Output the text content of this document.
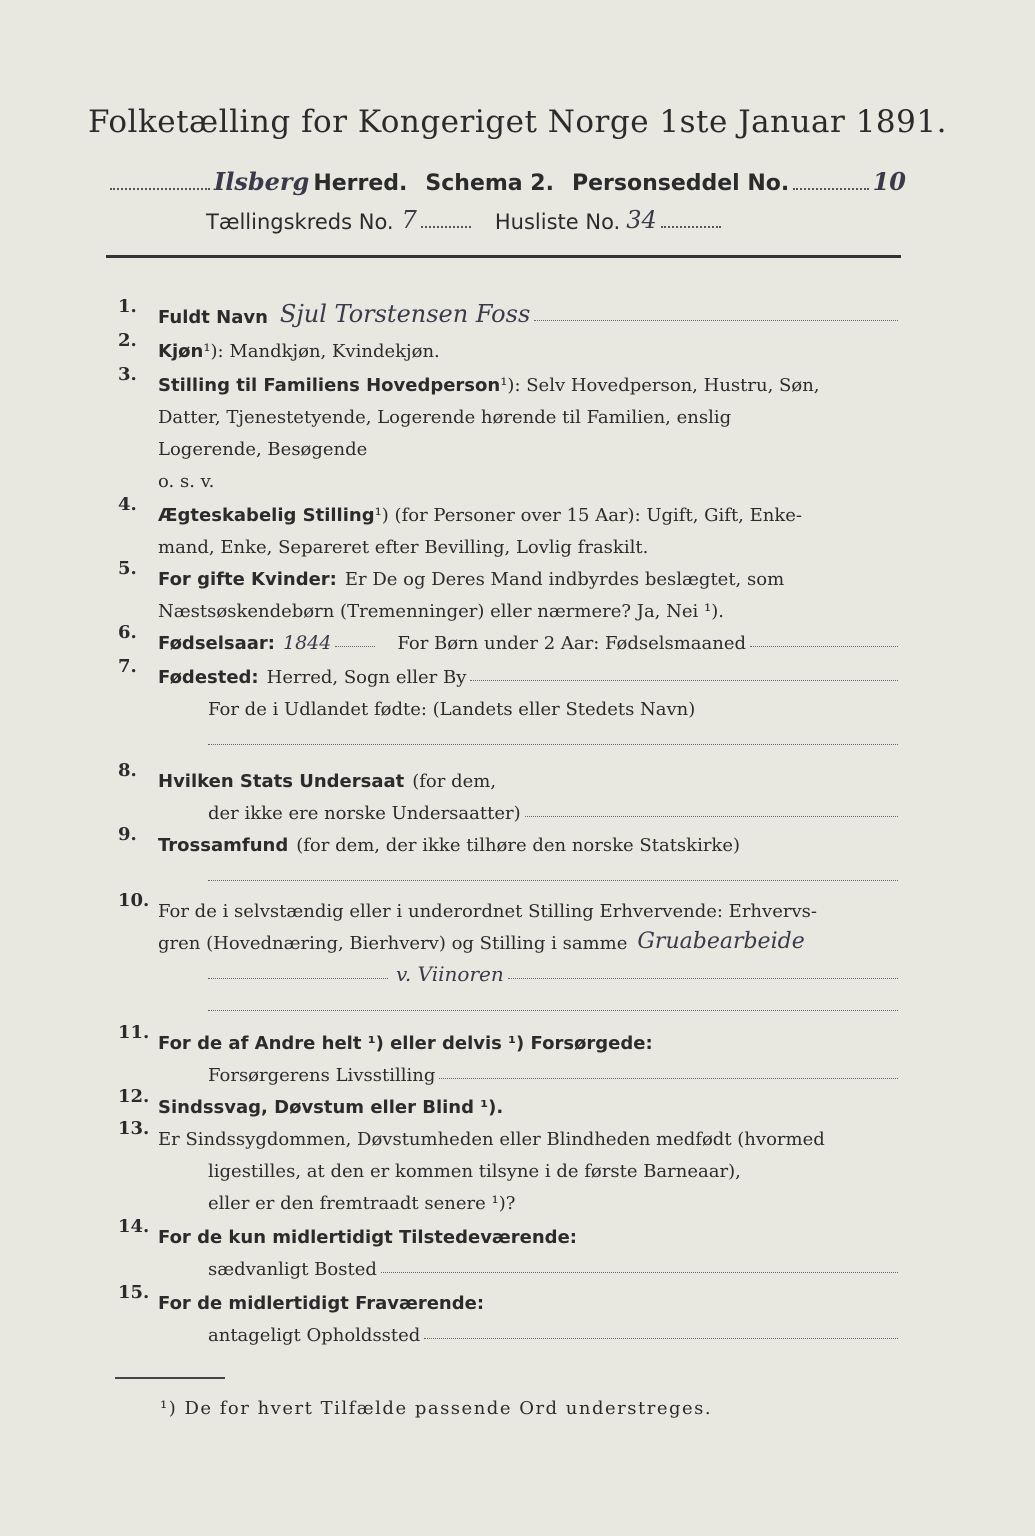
Folketælling for Kongeriget Norge 1ste Januar 1891.
Ilsberg Herred. Schema 2. Personseddel No.	10
Tællingskreds No. 7	Husliste No. 34
1.
Fuldt Navn Sjul Torstensen Foss
2.
Kjøn ¹): Mandkjøn, Kvindekjøn.
3.
Stilling til Familiens Hovedperson ¹): Selv Hovedperson, Hustru, Søn,
Datter, Tjenestetyende, Logerende hørende til Familien, enslig
Logerende, Besøgende
o. s. v.
4.
Ægteskabelig Stilling ¹) (for Personer over 15 Aar): Ugift, Gift, Enke-
mand, Enke, Separeret efter Bevilling, Lovlig fraskilt.
5.
For gifte Kvinder: Er De og Deres Mand indbyrdes beslægtet, som
Næstsøskendebørn (Tremenninger) eller nærmere? Ja, Nei ¹).
6.
Fødselsaar: 1844	For Børn under 2 Aar: Fødselsmaaned
7.
Fødested: Herred, Sogn eller By
For de i Udlandet fødte: (Landets eller Stedets Navn)
8.
Hvilken Stats Undersaat (for dem,
der ikke ere norske Undersaatter)
9.
Trossamfund (for dem, der ikke tilhøre den norske Statskirke)
10.
For de i selvstændig eller i underordnet Stilling Erhvervende: Erhvervs-
gren (Hovednæring, Bierhverv) og Stilling i samme Gruabearbeide
v. Viinoren
11.
For de af Andre helt ¹) eller delvis ¹) Forsørgede:
Forsørgerens Livsstilling
12.
Sindssvag, Døvstum eller Blind ¹).
13.
Er Sindssygdommen, Døvstumheden eller Blindheden medfødt (hvormed
ligestilles, at den er kommen tilsyne i de første Barneaar),
eller er den fremtraadt senere ¹)?
14.
For de kun midlertidigt Tilstedeværende:
sædvanligt Bosted
15.
For de midlertidigt Fraværende:
antageligt Opholdssted
¹) De for hvert Tilfælde passende Ord understreges.
